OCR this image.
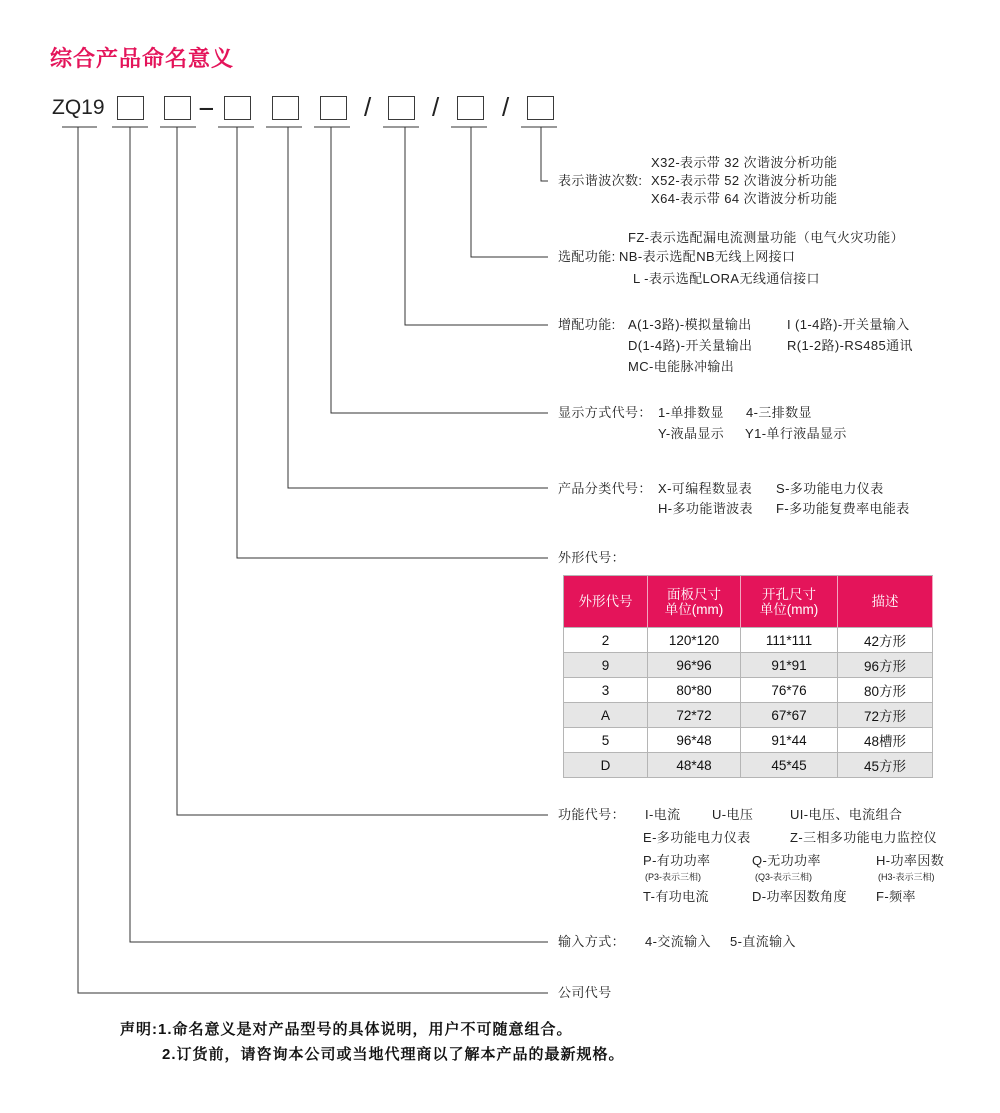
综合产品命名意义
ZQ19	-	/ / /
X32-表示带 32 次谐波分析功能
表示谐波次数: X52-表示带 52 次谐波分析功能
X64-表示带 64 次谐波分析功能
FZ-表示选配漏电流测量功能（电气火灾功能）
选配功能: NB-表示选配NB无线上网接口
L -表示选配LORA无线通信接口
增配功能: A(1-3路)-模拟量输出	I (1-4路)-开关量输入
D(1-4路)-开关量输出	R(1-2路)-RS485通讯
MC-电能脉冲输出
显示方式代号： 1-单排数显 4-三排数显
Y-液晶显示 Y1-单行液晶显示
产品分类代号： X-可编程数显表 S-多功能电力仪表
H-多功能谐波表 F-多功能复费率电能表
外形代号：
外形代号	面板尺寸
单位(mm)
开孔尺寸
单位(mm)	描述
2	120*120	111*111	42方形
9	96*96	91*91	96方形
3	80*80	76*76	80方形
A	72*72	67*67	72方形
5	96*48	91*44	48槽形
D	48*48	45*45	45方形
功能代号： I-电流 U-电压	UI-电压、电流组合
E-多功能电力仪表	Z-三相多功能电力监控仪
P-有功功率	Q-无功功率	H-功率因数
(P3-表示三相)	(Q3-表示三相)	(H3-表示三相)
T-有功电流	D-功率因数角度 F-频率
输入方式： 4-交流输入 5-直流输入
公司代号
声明:1.命名意义是对产品型号的具体说明，用户不可随意组合。
2.订货前，请咨询本公司或当地代理商以了解本产品的最新规格。
